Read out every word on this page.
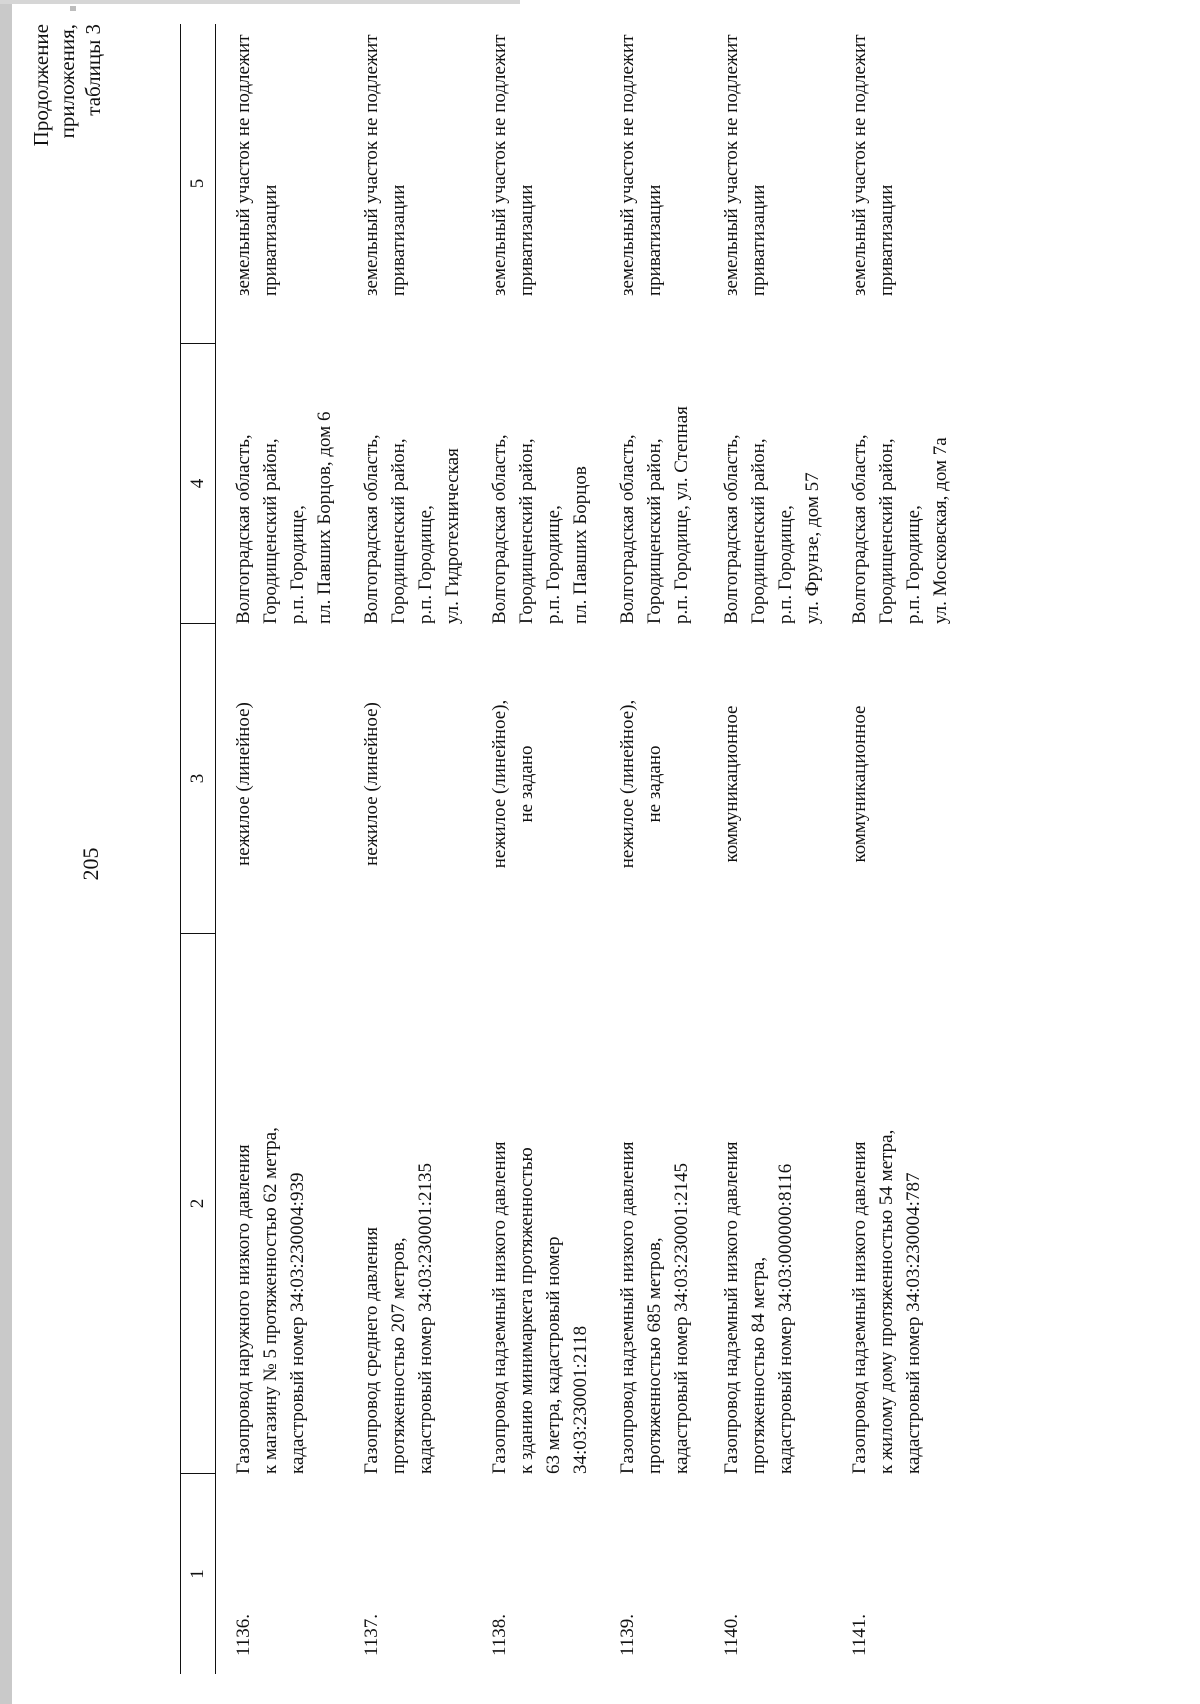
205
Продолжение приложения, таблицы 3
1
2
3
4
5
1136.
Газопровод наружного низкого давления к магазину № 5 протяженностью 62 метра, кадастровый номер 34:03:230004:939
нежилое (линейное)
Волгоградская область, Городищенский район, р.п. Городище, пл. Павших Борцов, дом 6
земельный участок не подлежит приватизации
1137.
Газопровод среднего давления протяженностью 207 метров, кадастровый номер 34:03:230001:2135
нежилое (линейное)
Волгоградская область, Городищенский район, р.п. Городище, ул. Гидротехническая
земельный участок не подлежит приватизации
1138.
Газопровод надземный низкого давления к зданию минимаркета протяженностью 63 метра, кадастровый номер 34:03:230001:2118
нежилое (линейное), не задано
Волгоградская область, Городищенский район, р.п. Городище, пл. Павших Борцов
земельный участок не подлежит приватизации
1139.
Газопровод надземный низкого давления протяженностью 685 метров, кадастровый номер 34:03:230001:2145
нежилое (линейное), не задано
Волгоградская область, Городищенский район, р.п. Городище, ул. Степная
земельный участок не подлежит приватизации
1140.
Газопровод надземный низкого давления протяженностью 84 метра, кадастровый номер 34:03:000000:8116
коммуникационное
Волгоградская область, Городищенский район, р.п. Городище, ул. Фрунзе, дом 57
земельный участок не подлежит приватизации
1141.
Газопровод надземный низкого давления к жилому дому протяженностью 54 метра, кадастровый номер 34:03:230004:787
коммуникационное
Волгоградская область, Городищенский район, р.п. Городище, ул. Московская, дом 7а
земельный участок не подлежит приватизации
